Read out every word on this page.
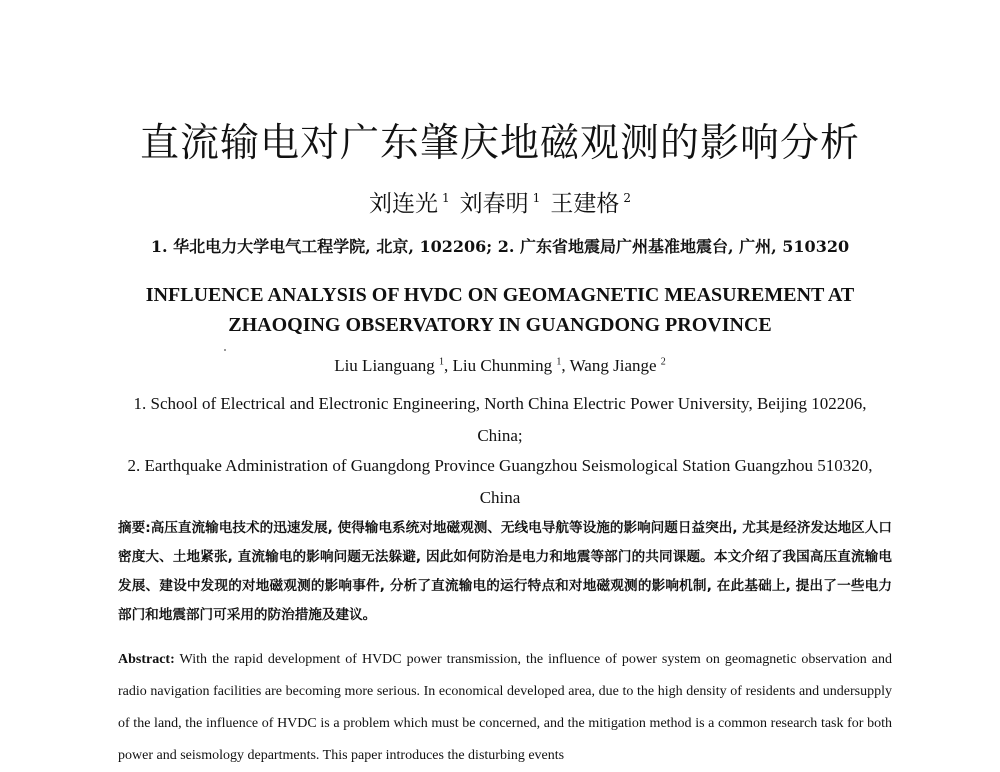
直流输电对广东肇庆地磁观测的影响分析
刘连光 $^1$ 刘春明 $^1$ 王建格 $^2$
1. 华北电力大学电气工程学院, 北京, 102206; 2. 广东省地震局广州基准地震台, 广州, 510320
INFLUENCE ANALYSIS OF HVDC ON GEOMAGNETIC MEASUREMENT AT
ZHAOQING OBSERVATORY IN GUANGDONG PROVINCE
Liu Lianguang $^1$, Liu Chunming $^1$, Wang Jiange $^2$
1. School of Electrical and Electronic Engineering, North China Electric Power University, Beijing 102206, China;
2. Earthquake Administration of Guangdong Province Guangzhou Seismological Station Guangzhou 510320, China
摘要:高压直流输电技术的迅速发展, 使得输电系统对地磁观测、无线电导航等设施的影响问题日益突出, 尤其是经济发达地区人口密度大、土地紧张, 直流输电的影响问题无法躲避, 因此如何防治是电力和地震等部门的共同课题。本文介绍了我国高压直流输电发展、建设中发现的对地磁观测的影响事件, 分析了直流输电的运行特点和对地磁观测的影响机制, 在此基础上, 提出了一些电力部门和地震部门可采用的防治措施及建议。
Abstract: With the rapid development of HVDC power transmission, the influence of power system on geomagnetic observation and radio navigation facilities are becoming more serious. In economical developed area, due to the high density of residents and undersupply of the land, the influence of HVDC is a problem which must be concerned, and the mitigation method is a common research task for both power and seismology departments. This paper introduces the disturbing events
